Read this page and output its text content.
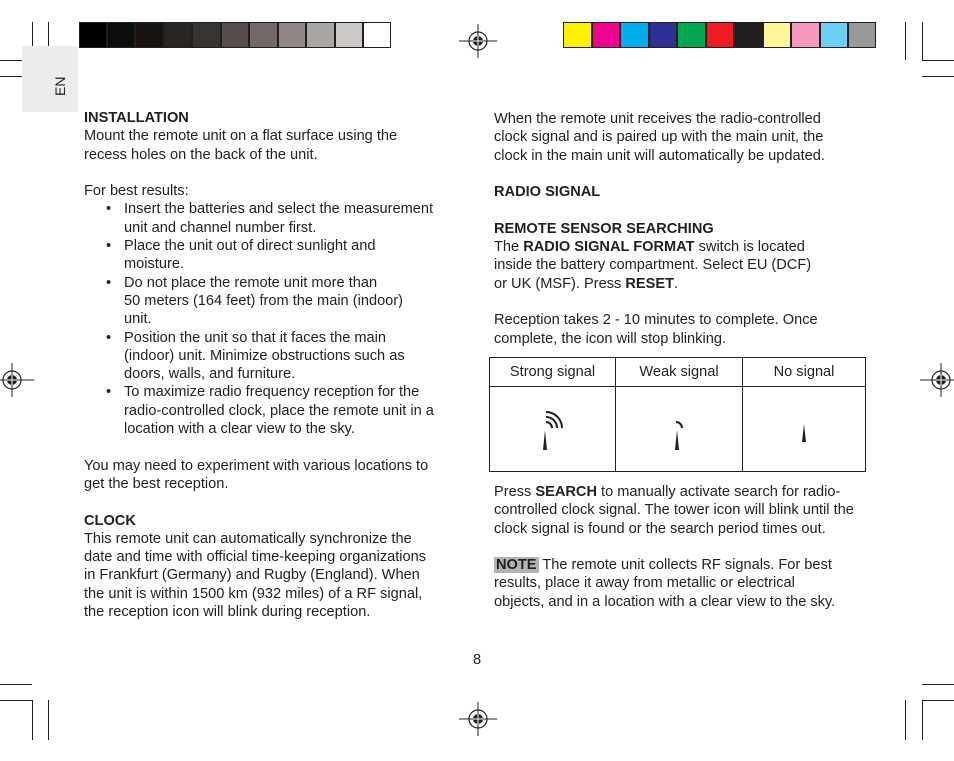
EN

INSTALLATION

Mount the remote unit on a flat surface using the

recess holes on the back of the unit.

For best results:

• Insert the batteries and select the measurement
unit and channel number first.
• Place the unit out of direct sunlight and
moisture.
• Do not place the remote unit more than
50 meters (164 feet) from the main (indoor)
unit.
• Position the unit so that it faces the main
(indoor) unit. Minimize obstructions such as
doors, walls, and furniture.
• To maximize radio frequency reception for the
radio-controlled clock, place the remote unit in a
location with a clear view to the sky.

You may need to experiment with various locations to

get the best reception.

CLOCK

This remote unit can automatically synchronize the

date and time with official time-keeping organizations

in Frankfurt (Germany) and Rugby (England). When

the unit is within 1500 km (932 miles) of a RF signal,

the reception icon will blink during reception.

When the remote unit receives the radio-controlled

clock signal and is paired up with the main unit, the

clock in the main unit will automatically be updated.

RADIO SIGNAL

REMOTE SENSOR SEARCHING

The RADIO SIGNAL FORMAT switch is located

inside the battery compartment. Select EU (DCF)

or UK (MSF). Press RESET.

Reception takes 2 - 10 minutes to complete. Once

complete, the icon will stop blinking.

Strong signal	Weak signal	No signal

Press SEARCH to manually activate search for radio-

controlled clock signal. The tower icon will blink until the

clock signal is found or the search period times out.

NOTE The remote unit collects RF signals. For best

results, place it away from metallic or electrical

objects, and in a location with a clear view to the sky.

8
